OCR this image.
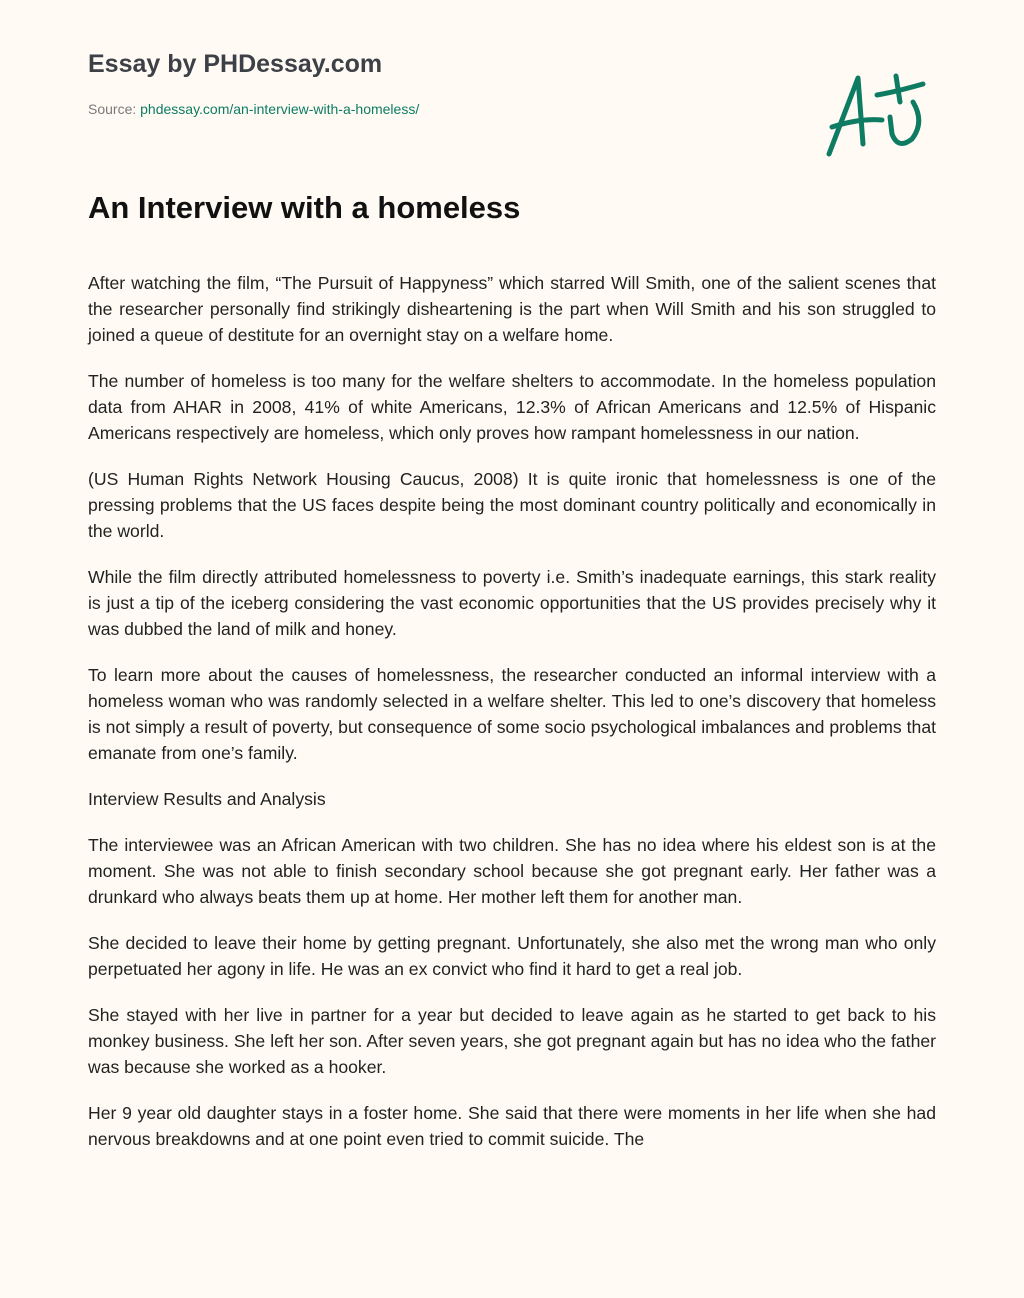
Essay by PHDessay.com
Source: phdessay.com/an-interview-with-a-homeless/
An Interview with a homeless

After watching the film, “The Pursuit of Happyness” which starred Will Smith, one of the salient scenes that the researcher personally find strikingly disheartening is the part when Will Smith and his son struggled to joined a queue of destitute for an overnight stay on a welfare home.

The number of homeless is too many for the welfare shelters to accommodate. In the homeless population data from AHAR in 2008, 41% of white Americans, 12.3% of African Americans and 12.5% of Hispanic Americans respectively are homeless, which only proves how rampant homelessness in our nation.

(US Human Rights Network Housing Caucus, 2008) It is quite ironic that homelessness is one of the pressing problems that the US faces despite being the most dominant country politically and economically in the world.

While the film directly attributed homelessness to poverty i.e. Smith’s inadequate earnings, this stark reality is just a tip of the iceberg considering the vast economic opportunities that the US provides precisely why it was dubbed the land of milk and honey.

To learn more about the causes of homelessness, the researcher conducted an informal interview with a homeless woman who was randomly selected in a welfare shelter. This led to one’s discovery that homeless is not simply a result of poverty, but consequence of some socio psychological imbalances and problems that emanate from one’s family.

Interview Results and Analysis

The interviewee was an African American with two children. She has no idea where his eldest son is at the moment. She was not able to finish secondary school because she got pregnant early. Her father was a drunkard who always beats them up at home. Her mother left them for another man.

She decided to leave their home by getting pregnant. Unfortunately, she also met the wrong man who only perpetuated her agony in life. He was an ex convict who find it hard to get a real job.

She stayed with her live in partner for a year but decided to leave again as he started to get back to his monkey business. She left her son. After seven years, she got pregnant again but has no idea who the father was because she worked as a hooker.

Her 9 year old daughter stays in a foster home. She said that there were moments in her life when she had nervous breakdowns and at one point even tried to commit suicide. The
